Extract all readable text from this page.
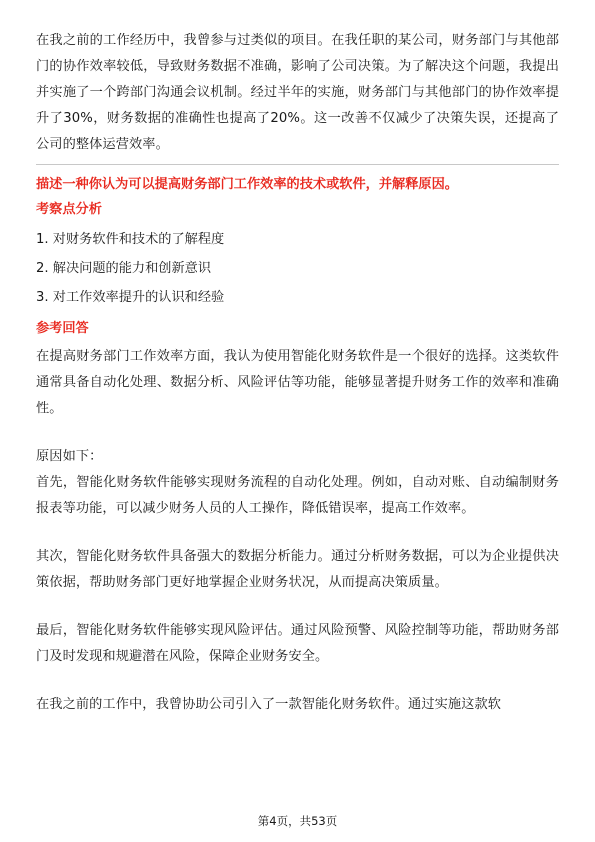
在我之前的工作经历中，我曾参与过类似的项目。在我任职的某公司，财务部门与其他部门的协作效率较低，导致财务数据不准确，影响了公司决策。为了解决这个问题，我提出并实施了一个跨部门沟通会议机制。经过半年的实施，财务部门与其他部门的协作效率提升了30%，财务数据的准确性也提高了20%。这一改善不仅减少了决策失误，还提高了公司的整体运营效率。

描述一种你认为可以提高财务部门工作效率的技术或软件，并解释原因。

考察点分析

1. 对财务软件和技术的了解程度
2. 解决问题的能力和创新意识
3. 对工作效率提升的认识和经验

参考回答

在提高财务部门工作效率方面，我认为使用智能化财务软件是一个很好的选择。这类软件通常具备自动化处理、数据分析、风险评估等功能，能够显著提升财务工作的效率和准确性。

原因如下：

首先，智能化财务软件能够实现财务流程的自动化处理。例如，自动对账、自动编制财务报表等功能，可以减少财务人员的人工操作，降低错误率，提高工作效率。

其次，智能化财务软件具备强大的数据分析能力。通过分析财务数据，可以为企业提供决策依据，帮助财务部门更好地掌握企业财务状况，从而提高决策质量。

最后，智能化财务软件能够实现风险评估。通过风险预警、风险控制等功能，帮助财务部门及时发现和规避潜在风险，保障企业财务安全。

在我之前的工作中，我曾协助公司引入了一款智能化财务软件。通过实施这款软

第4页，共53页
